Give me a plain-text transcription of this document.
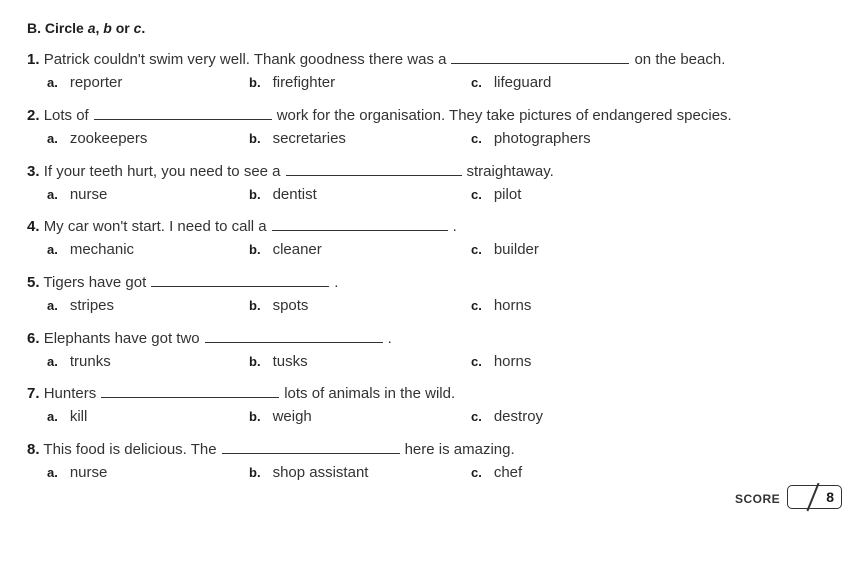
B. Circle a, b or c.
1. Patrick couldn't swim very well. Thank goodness there was a	on the beach.
a. reporter	b. firefighter	c. lifeguard
2. Lots of	work for the organisation. They take pictures of endangered species.
a. zookeepers	b. secretaries	c. photographers
3. If your teeth hurt, you need to see a	straightaway.
a. nurse	b. dentist	c. pilot
4. My car won't start. I need to call a	.
a. mechanic	b. cleaner	c. builder
5. Tigers have got	.
a. stripes	b. spots	c. horns
6. Elephants have got two	.
a. trunks	b. tusks	c. horns
7. Hunters	lots of animals in the wild.
a. kill	b. weigh	c. destroy
8. This food is delicious. The	here is amazing.
a. nurse	b. shop assistant	c. chef
SCORE	8
